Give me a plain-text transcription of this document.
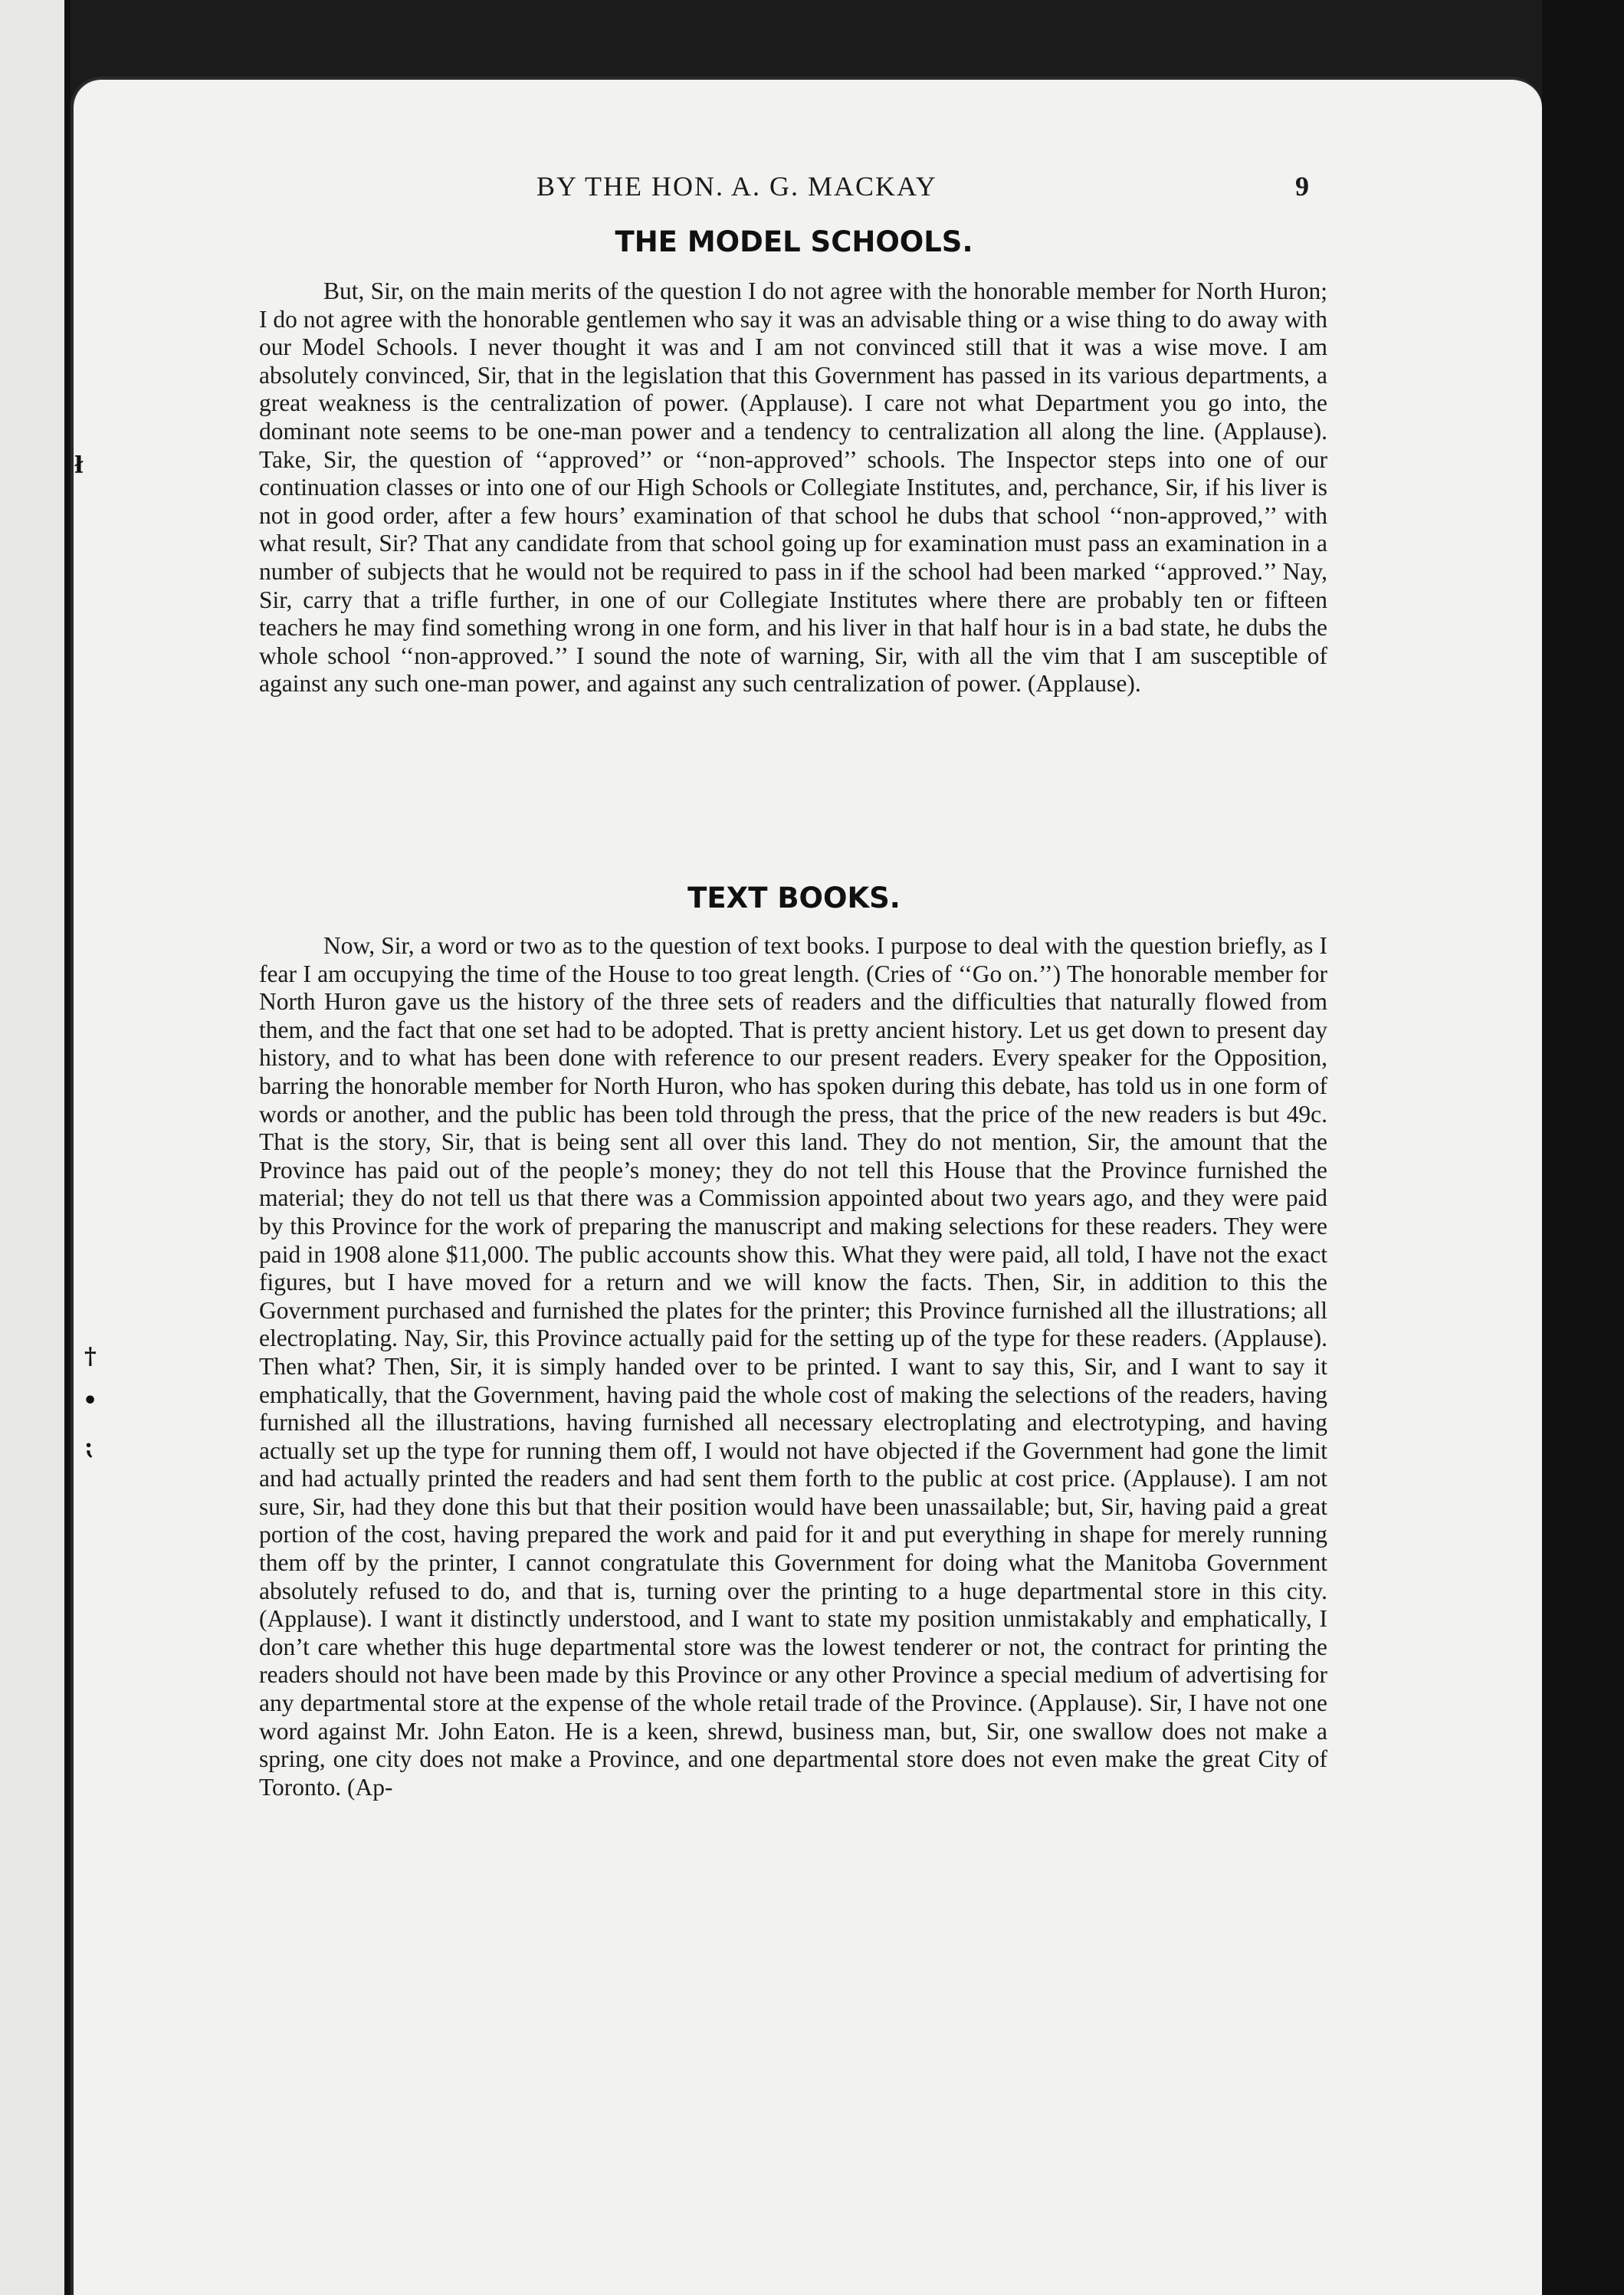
ł
†
•
⁏
BY THE HON. A. G. MACKAY	9
THE MODEL SCHOOLS.

But, Sir, on the main merits of the question I do not agree with the honorable member for North Huron; I do not agree with the honorable gentlemen who say it was an advisable thing or a wise thing to do away with our Model Schools. I never thought it was and I am not convinced still that it was a wise move. I am absolutely convinced, Sir, that in the legislation that this Government has passed in its various departments, a great weakness is the centralization of power. (Applause). I care not what Department you go into, the dominant note seems to be one-man power and a tendency to centralization all along the line. (Applause). Take, Sir, the question of ‘‘approved’’ or ‘‘non-approved’’ schools. The Inspector steps into one of our continuation classes or into one of our High Schools or Collegiate Institutes, and, perchance, Sir, if his liver is not in good order, after a few hours’ examination of that school he dubs that school ‘‘non-approved,’’ with what result, Sir? That any candidate from that school going up for examination must pass an examination in a number of subjects that he would not be required to pass in if the school had been marked ‘‘approved.’’ Nay, Sir, carry that a trifle further, in one of our Collegiate Institutes where there are probably ten or fifteen teachers he may find something wrong in one form, and his liver in that half hour is in a bad state, he dubs the whole school ‘‘non-approved.’’ I sound the note of warning, Sir, with all the vim that I am susceptible of against any such one-man power, and against any such centralization of power. (Applause).

TEXT BOOKS.

Now, Sir, a word or two as to the question of text books. I purpose to deal with the question briefly, as I fear I am occupying the time of the House to too great length. (Cries of ‘‘Go on.’’) The honorable member for North Huron gave us the history of the three sets of readers and the difficulties that naturally flowed from them, and the fact that one set had to be adopted. That is pretty ancient history. Let us get down to present day history, and to what has been done with reference to our present readers. Every speaker for the Opposition, barring the honorable member for North Huron, who has spoken during this debate, has told us in one form of words or another, and the public has been told through the press, that the price of the new readers is but 49c. That is the story, Sir, that is being sent all over this land. They do not mention, Sir, the amount that the Province has paid out of the people’s money; they do not tell this House that the Province furnished the material; they do not tell us that there was a Commission appointed about two years ago, and they were paid by this Province for the work of preparing the manuscript and making selections for these readers. They were paid in 1908 alone $11,000. The public accounts show this. What they were paid, all told, I have not the exact figures, but I have moved for a return and we will know the facts. Then, Sir, in addition to this the Government purchased and furnished the plates for the printer; this Province furnished all the illustrations; all electroplating. Nay, Sir, this Province actually paid for the setting up of the type for these readers. (Applause). Then what? Then, Sir, it is simply handed over to be printed. I want to say this, Sir, and I want to say it emphatically, that the Government, having paid the whole cost of making the selections of the readers, having furnished all the illustrations, having furnished all necessary electroplating and electrotyping, and having actually set up the type for running them off, I would not have objected if the Government had gone the limit and had actually printed the readers and had sent them forth to the public at cost price. (Applause). I am not sure, Sir, had they done this but that their position would have been unassailable; but, Sir, having paid a great portion of the cost, having prepared the work and paid for it and put everything in shape for merely running them off by the printer, I cannot congratulate this Government for doing what the Manitoba Government absolutely refused to do, and that is, turning over the printing to a huge departmental store in this city. (Applause). I want it distinctly understood, and I want to state my position unmistakably and emphatically, I don’t care whether this huge departmental store was the lowest tenderer or not, the contract for printing the readers should not have been made by this Province or any other Province a special medium of advertising for any departmental store at the expense of the whole retail trade of the Province. (Applause). Sir, I have not one word against Mr. John Eaton. He is a keen, shrewd, business man, but, Sir, one swallow does not make a spring, one city does not make a Province, and one departmental store does not even make the great City of Toronto. (Ap-
